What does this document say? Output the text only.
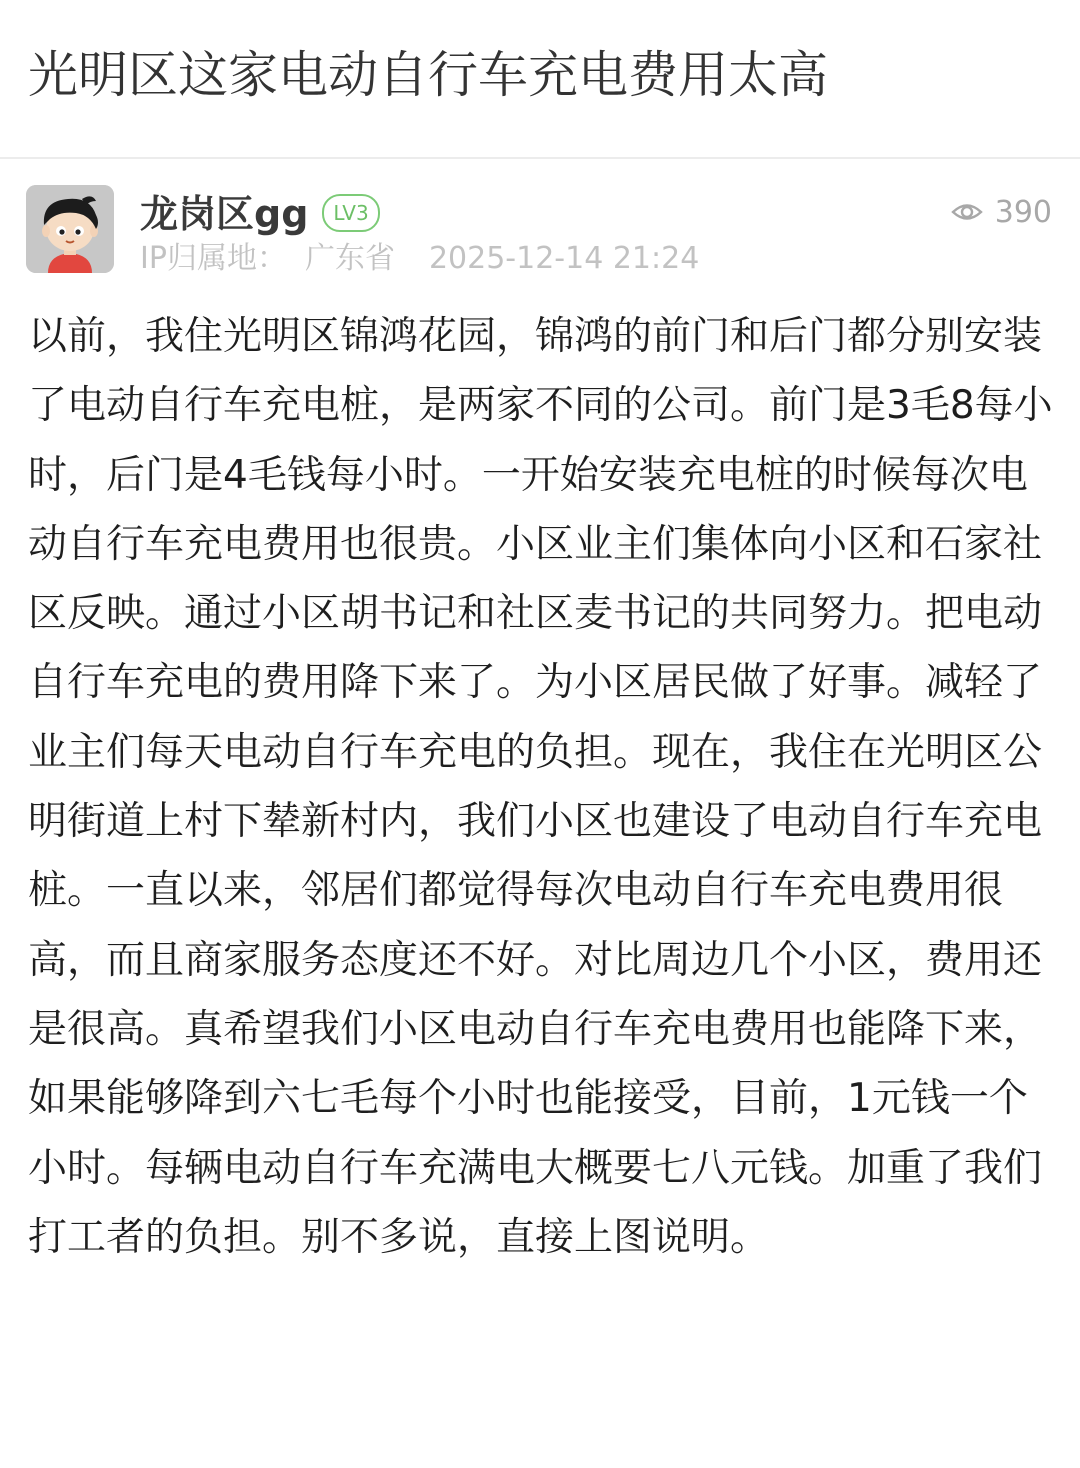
光明区这家电动自行车充电费用太高
龙岗区gg	LV3	390
IP归属地： 广东省 2025-12-14 21:24
以前，我住光明区锦鸿花园，锦鸿的前门和后门都分别安装了电动自行车充电桩，是两家不同的公司。前门是3毛8每小时，后门是4毛钱每小时。一开始安装充电桩的时候每次电动自行车充电费用也很贵。小区业主们集体向小区和石家社区反映。通过小区胡书记和社区麦书记的共同努力。把电动自行车充电的费用降下来了。为小区居民做了好事。减轻了业主们每天电动自行车充电的负担。现在，我住在光明区公明街道上村下辇新村内，我们小区也建设了电动自行车充电桩。一直以来，邻居们都觉得每次电动自行车充电费用很高，而且商家服务态度还不好。对比周边几个小区，费用还是很高。真希望我们小区电动自行车充电费用也能降下来，如果能够降到六七毛每个小时也能接受，目前，1元钱一个小时。每辆电动自行车充满电大概要七八元钱。加重了我们打工者的负担。别不多说，直接上图说明。
